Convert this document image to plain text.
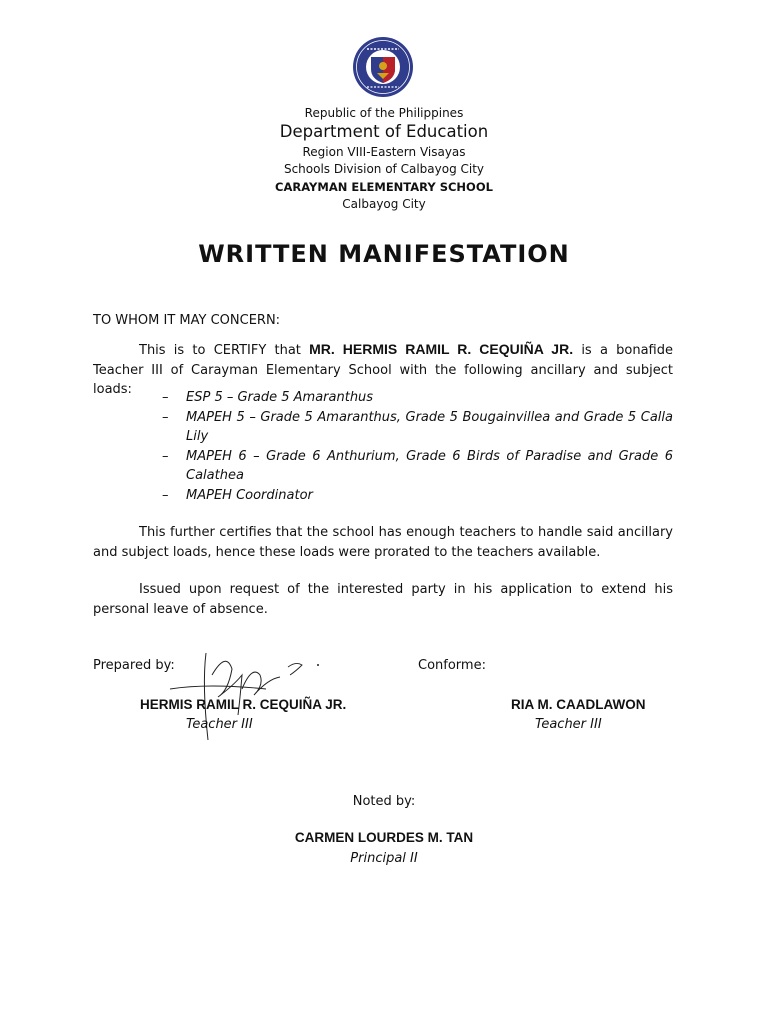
Republic of the Philippines
Department of Education
Region VIII-Eastern Visayas
Schools Division of Calbayog City
CARAYMAN ELEMENTARY SCHOOL
Calbayog City
WRITTEN MANIFESTATION
TO WHOM IT MAY CONCERN:
This is to CERTIFY that MR. HERMIS RAMIL R. CEQUIÑA JR. is a bonafide Teacher III of Carayman Elementary School with the following ancillary and subject loads:
– ESP 5 – Grade 5 Amaranthus
– MAPEH 5 – Grade 5 Amaranthus, Grade 5 Bougainvillea and Grade 5 Calla Lily
– MAPEH 6 – Grade 6 Anthurium, Grade 6 Birds of Paradise and Grade 6 Calathea
– MAPEH Coordinator
This further certifies that the school has enough teachers to handle said ancillary and subject loads, hence these loads were prorated to the teachers available.
Issued upon request of the interested party in his application to extend his personal leave of absence.
Prepared by:	Conforme:
HERMIS RAMIL R. CEQUIÑA JR.
Teacher III
RIA M. CAADLAWON
Teacher III
Noted by:
CARMEN LOURDES M. TAN
Principal II
